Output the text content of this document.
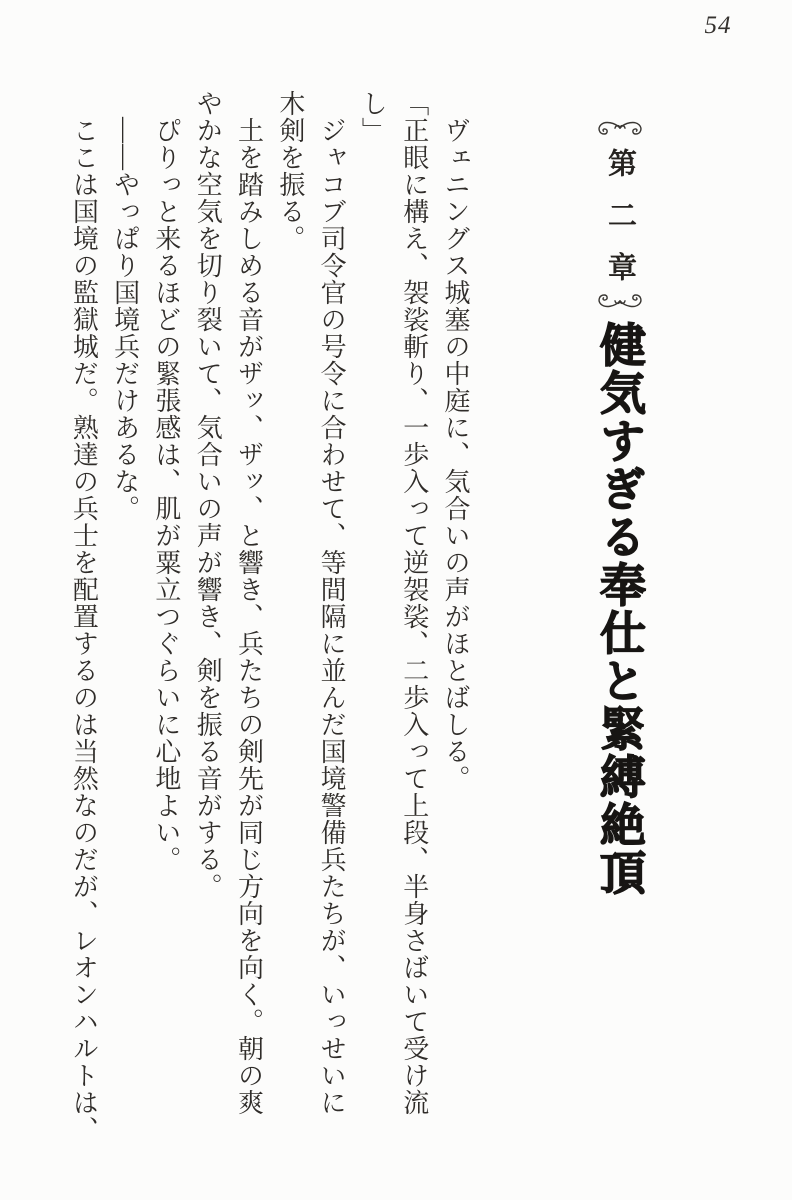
54
第二章
健気すぎる奉仕と緊縛絶頂

ヴェニングス城塞の中庭に、気合いの声がほとばしる。

「正眼に構え、袈裟斬り、一歩入って逆袈裟、二歩入って上段、半身さばいて受け流

し」

ジャコブ司令官の号令に合わせて、等間隔に並んだ国境警備兵たちが、いっせいに

木剣を振る。

土を踏みしめる音がザッ、ザッ、と響き、兵たちの剣先が同じ方向を向く。朝の爽

やかな空気を切り裂いて、気合いの声が響き、剣を振る音がする。

ぴりっと来るほどの緊張感は、肌が粟立つぐらいに心地よい。

――やっぱり国境兵だけあるな。

ここは国境の監獄城だ。熟達の兵士を配置するのは当然なのだが、レオンハルトは、
